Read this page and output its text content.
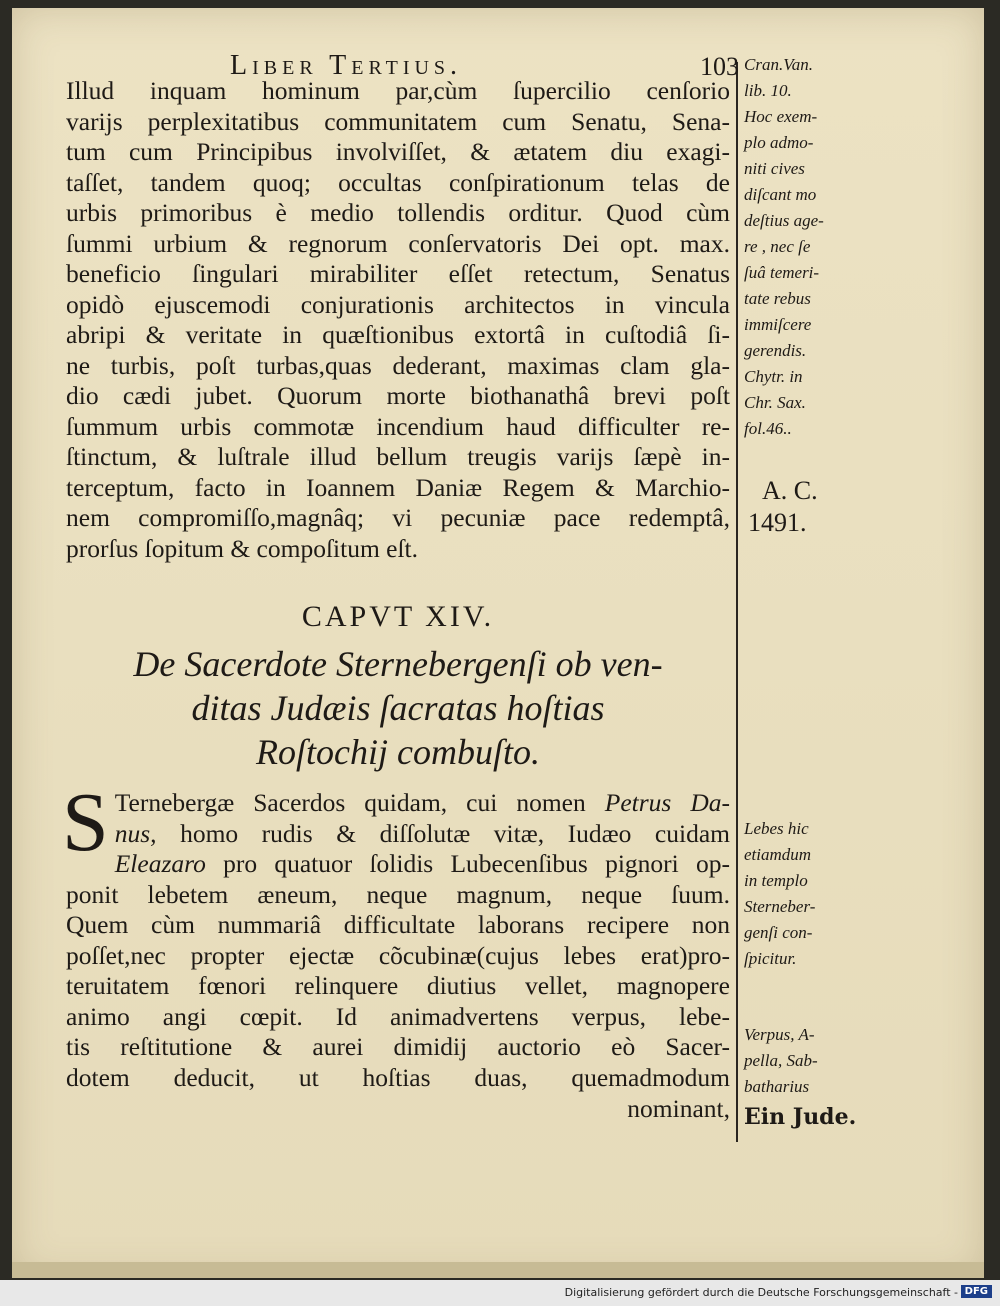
Liber Tertius.	103
Illud inquam hominum par,cùm ſupercilio cenſorio
varijs perplexitatibus communitatem cum Senatu, Sena-
tum cum Principibus involviſſet, & ætatem diu exagi-
taſſet, tandem quoq; occultas conſpirationum telas de
urbis primoribus è medio tollendis orditur. Quod cùm
ſummi urbium & regnorum conſervatoris Dei opt. max.
beneficio ſingulari mirabiliter eſſet retectum, Senatus
opidò ejuscemodi conjurationis architectos in vincula
abripi & veritate in quæſtionibus extortâ in cuſtodiâ ſi-
ne turbis, poſt turbas,quas dederant, maximas clam gla-
dio cædi jubet. Quorum morte biothanathâ brevi poſt
ſummum urbis commotæ incendium haud difficulter re-
ſtinctum, & luſtrale illud bellum treugis varijs ſæpè in-
terceptum, facto in Ioannem Daniæ Regem & Marchio-
nem compromiſſo,magnâq; vi pecuniæ pace redemptâ,
prorſus ſopitum & compoſitum eſt.
CAPVT XIV.
De Sacerdote Sternebergenſi ob ven-
ditas Judæis ſacratas hoſtias
Roſtochij combuſto.
S Ternebergæ Sacerdos quidam, cui nomen Petrus Da-
nus, homo rudis & diſſolutæ vitæ, Iudæo cuidam
Eleazaro pro quatuor ſolidis Lubecenſibus pignori op-
ponit lebetem æneum, neque magnum, neque ſuum.
Quem cùm nummariâ difficultate laborans recipere non
poſſet,nec propter ejectæ cõcubinæ(cujus lebes erat)pro-
teruitatem fœnori relinquere diutius vellet, magnopere
animo angi cœpit. Id animadvertens verpus, lebe-
tis reſtitutione & aurei dimidij auctorio eò Sacer-
dotem deducit, ut hoſtias duas, quemadmodum
nominant,
Cran.Van.
lib. 10.
Hoc exem-
plo admo-
niti cives
diſcant mo
deſtius age-
re , nec ſe
ſuâ temeri-
tate rebus
immiſcere
gerendis.
Chytr. in
Chr. Sax.
fol.46..
A. C.
1491.
Lebes hic
etiamdum
in templo
Sterneber-
genſi con-
ſpicitur.
Verpus, A-
pella, Sab-
batharius
Ein Jude.
Digitalisierung gefördert durch die Deutsche Forschungsgemeinschaft - DFG
